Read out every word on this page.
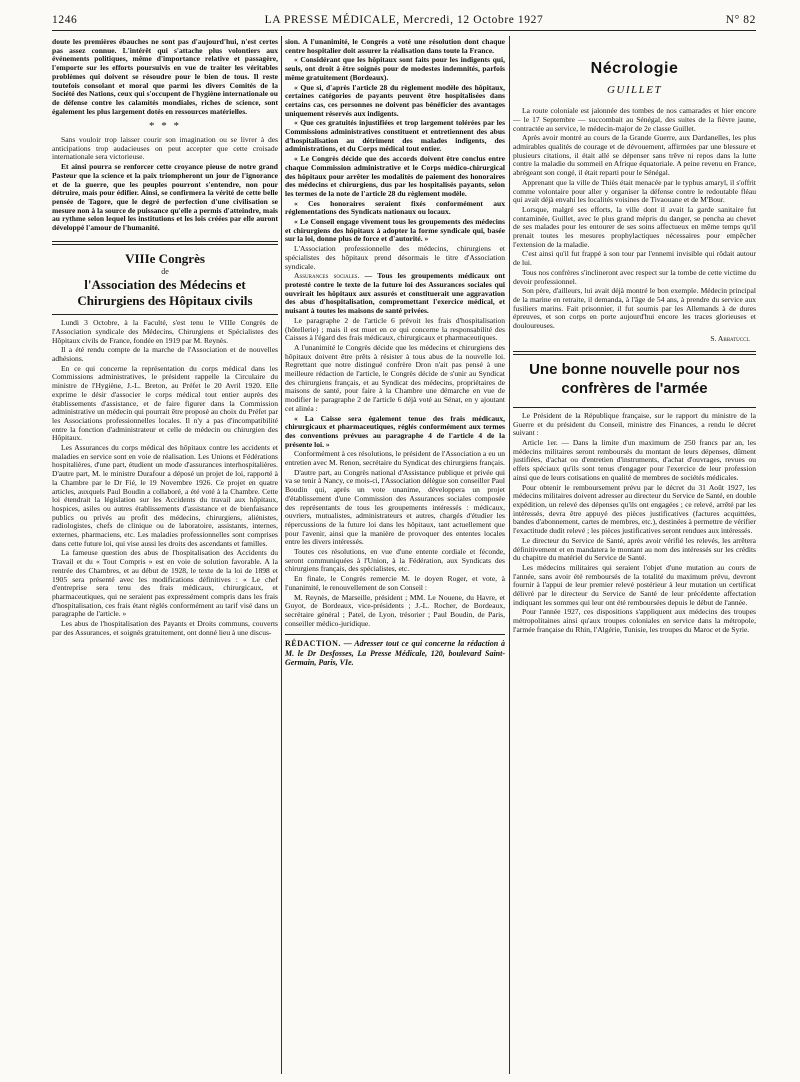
1246	LA PRESSE MÉDICALE, Mercredi, 12 Octobre 1927	N° 82

doute les premières ébauches ne sont pas d'aujourd'hui, n'est certes pas assez connue. L'intérêt qui s'attache plus volontiers aux événements politiques, même d'importance relative et passagère, l'emporte sur les efforts poursuivis en vue de traiter les véritables problèmes qui doivent se résoudre pour le bien de tous. Il reste toutefois consolant et moral que parmi les divers Comités de la Société des Nations, ceux qui s'occupent de l'hygiène internationale ou de défense contre les calamités mondiales, riches de science, sont également les plus largement dotés en ressources matérielles.

* * *

Sans vouloir trop laisser courir son imagination ou se livrer à des anticipations trop audacieuses on peut accepter que cette croisade internationale sera victorieuse.

Et ainsi pourra se renforcer cette croyance pieuse de notre grand Pasteur que la science et la paix triompheront un jour de l'ignorance et de la guerre, que les peuples pourront s'entendre, non pour détruire, mais pour édifier. Ainsi, se confirmera la vérité de cette belle pensée de Tagore, que le degré de perfection d'une civilisation se mesure non à la source de puissance qu'elle a permis d'atteindre, mais au rythme selon lequel les institutions et les lois créées par elle auront développé l'amour de l'humanité.

VIIIe Congrès
de
l'Association des Médecins et Chirurgiens des Hôpitaux civils

Lundi 3 Octobre, à la Faculté, s'est tenu le VIIIe Congrès de l'Association syndicale des Médecins, Chirurgiens et Spécialistes des Hôpitaux civils de France, fondée en 1919 par M. Reynès.

Il a été rendu compte de la marche de l'Association et de nouvelles adhésions.

En ce qui concerne la représentation du corps médical dans les Commissions administratives, le président rappelle la Circulaire du ministre de l'Hygiène, J.-L. Breton, au Préfet le 20 Avril 1920. Elle exprime le désir d'associer le corps médical tout entier auprès des établissements d'assistance, et de faire figurer dans la Commission administrative un médecin qui pourrait être proposé au choix du Préfet par les Associations professionnelles locales. Il n'y a pas d'incompatibilité entre la fonction d'administrateur et celle de médecin ou chirurgien des Hôpitaux.

Les Assurances du corps médical des hôpitaux contre les accidents et maladies en service sont en voie de réalisation. Les Unions et Fédérations hospitalières, d'une part, étudient un mode d'assurances interhospitalières. D'autre part, M. le ministre Durafour a déposé un projet de loi, rapporté à la Chambre par le Dr Fié, le 19 Novembre 1926. Ce projet en quatre articles, auxquels Paul Boudin a collaboré, a été voté à la Chambre. Cette loi étendrait la législation sur les Accidents du travail aux hôpitaux, hospices, asiles ou autres établissements d'assistance et de bienfaisance publics ou privés au profit des médecins, chirurgiens, aliénistes, radiologistes, chefs de clinique ou de laboratoire, assistants, internes, externes, pharmaciens, etc. Les maladies professionnelles sont comprises dans cette future loi, qui vise aussi les droits des ascendants et familles.

La fameuse question des abus de l'hospitalisation des Accidents du Travail et du « Tout Compris » est en voie de solution favorable. A la rentrée des Chambres, et au début de 1928, le texte de la loi de 1898 et 1905 sera présenté avec les modifications définitives : « Le chef d'entreprise sera tenu des frais médicaux, chirurgicaux, et pharmaceutiques, qui ne seraient pas expressément compris dans les frais d'hospitalisation, ces frais étant réglés conformément au tarif visé dans un paragraphe de l'article. »

Les abus de l'hospitalisation des Payants et Droits communs, couverts par des Assurances, et soignés gratuitement, ont donné lieu à une discus-

sion. A l'unanimité, le Congrès a voté une résolution dont chaque centre hospitalier doit assurer la réalisation dans toute la France.

« Considérant que les hôpitaux sont faits pour les indigents qui, seuls, ont droit à être soignés pour de modestes indemnités, parfois même gratuitement (Bordeaux).

« Que si, d'après l'article 28 du règlement modèle des hôpitaux, certaines catégories de payants peuvent être hospitalisées dans certains cas, ces personnes ne doivent pas bénéficier des avantages uniquement réservés aux indigents.

« Que ces gratuités injustifiées et trop largement tolérées par les Commissions administratives constituent et entretiennent des abus d'hospitalisation au détriment des malades indigents, des administrations, et du Corps médical tout entier.

« Le Congrès décide que des accords doivent être conclus entre chaque Commission administrative et le Corps médico-chirurgical des hôpitaux pour arrêter les modalités de paiement des honoraires des médecins et chirurgiens, dus par les hospitalisés payants, selon les termes de la note de l'article 28 du règlement modèle.

« Ces honoraires seraient fixés conformément aux réglementations des Syndicats nationaux ou locaux.

« Le Conseil engage vivement tous les groupements des médecins et chirurgiens des hôpitaux à adopter la forme syndicale qui, basée sur la loi, donne plus de force et d'autorité. »

L'Association professionnelle des médecins, chirurgiens et spécialistes des hôpitaux prend désormais le titre d'Association syndicale.

Assurances sociales. — Tous les groupements médicaux ont protesté contre le texte de la future loi des Assurances sociales qui ouvrirait les hôpitaux aux assurés et constituerait une aggravation des abus d'hospitalisation, compromettant l'exercice médical, et nuisant à toutes les maisons de santé privées.

Le paragraphe 2 de l'article 6 prévoit les frais d'hospitalisation (hôtellerie) ; mais il est muet en ce qui concerne la responsabilité des Caisses à l'égard des frais médicaux, chirurgicaux et pharmaceutiques.

A l'unanimité le Congrès décide que les médecins et chirurgiens des hôpitaux doivent être prêts à résister à tous abus de la nouvelle loi. Regrettant que notre distingué confrère Dron n'ait pas pensé à une meilleure rédaction de l'article, le Congrès décide de s'unir au Syndicat des chirurgiens français, et au Syndicat des médecins, propriétaires de maisons de santé, pour faire à la Chambre une démarche en vue de modifier le paragraphe 2 de l'article 6 déjà voté au Sénat, en y ajoutant cet alinéa :

« La Caisse sera également tenue des frais médicaux, chirurgicaux et pharmaceutiques, réglés conformément aux termes des conventions prévues au paragraphe 4 de l'article 4 de la présente loi. »

Conformément à ces résolutions, le président de l'Association a eu un entretien avec M. Renon, secrétaire du Syndicat des chirurgiens français.

D'autre part, au Congrès national d'Assistance publique et privée qui va se tenir à Nancy, ce mois-ci, l'Association délègue son conseiller Paul Boudin qui, après un vote unanime, développera un projet d'établissement d'une Commission des Assurances sociales composée des représentants de tous les groupements intéressés : médicaux, ouvriers, mutualistes, administrateurs et autres, chargés d'étudier les répercussions de la future loi dans les hôpitaux, tant actuellement que pour l'avenir, ainsi que la manière de provoquer des ententes locales entre les divers intéressés.

Toutes ces résolutions, en vue d'une entente cordiale et féconde, seront communiquées à l'Union, à la Fédération, aux Syndicats des chirurgiens français, des spécialistes, etc.

En finale, le Congrès remercie M. le doyen Roger, et vote, à l'unanimité, le renouvellement de son Conseil :

M. Reynès, de Marseille, président ; MM. Le Nouene, du Havre, et Guyot, de Bordeaux, vice-présidents ; J.-L. Rocher, de Bordeaux, secrétaire général ; Patel, de Lyon, trésorier ; Paul Boudin, de Paris, conseiller médico-juridique.

RÉDACTION. — Adresser tout ce qui concerne la rédaction à M. le Dr Desfosses, La Presse Médicale, 120, boulevard Saint-Germain, Paris, VIe.
Nécrologie
GUILLET

La route coloniale est jalonnée des tombes de nos camarades et hier encore — le 17 Septembre — succombait au Sénégal, des suites de la fièvre jaune, contractée au service, le médecin-major de 2e classe Guillet.

Après avoir montré au cours de la Grande Guerre, aux Dardanelles, les plus admirables qualités de courage et de dévouement, affirmées par une blessure et plusieurs citations, il était allé se dépenser sans trêve ni repos dans la lutte contre la maladie du sommeil en Afrique équatoriale. A peine revenu en France, abrégeant son congé, il était reparti pour le Sénégal.

Apprenant que la ville de Thiès était menacée par le typhus amaryl, il s'offrit comme volontaire pour aller y organiser la défense contre le redoutable fléau qui avait déjà envahi les localités voisines de Tivaouane et de M'Bour.

Lorsque, malgré ses efforts, la ville dont il avait la garde sanitaire fut contaminée, Guillet, avec le plus grand mépris du danger, se pencha au chevet de ses malades pour les entourer de ses soins affectueux en même temps qu'il prenait toutes les mesures prophylactiques nécessaires pour empêcher l'extension de la maladie.

C'est ainsi qu'il fut frappé à son tour par l'ennemi invisible qui rôdait autour de lui.

Tous nos confrères s'inclineront avec respect sur la tombe de cette victime du devoir professionnel.

Son père, d'ailleurs, lui avait déjà montré le bon exemple. Médecin principal de la marine en retraite, il demanda, à l'âge de 54 ans, à prendre du service aux fusiliers marins. Fait prisonnier, il fut soumis par les Allemands à de dures épreuves, et son corps en porte aujourd'hui encore les traces glorieuses et douloureuses.

S. Abbatucci.
Une bonne nouvelle pour nos confrères de l'armée

Le Président de la République française, sur le rapport du ministre de la Guerre et du président du Conseil, ministre des Finances, a rendu le décret suivant :

Article 1er. — Dans la limite d'un maximum de 250 francs par an, les médecins militaires seront remboursés du montant de leurs dépenses, dûment justifiées, d'achat ou d'entretien d'instruments, d'achat d'ouvrages, revues ou effets spéciaux qu'ils sont tenus d'engager pour l'exercice de leur profession ainsi que de leurs cotisations en qualité de membres de sociétés médicales.

Pour obtenir le remboursement prévu par le décret du 31 Août 1927, les médecins militaires doivent adresser au directeur du Service de Santé, en double expédition, un relevé des dépenses qu'ils ont engagées ; ce relevé, arrêté par les intéressés, devra être appuyé des pièces justificatives (factures acquittées, bandes d'abonnement, cartes de membres, etc.), destinées à permettre de vérifier l'exactitude dudit relevé ; les pièces justificatives seront rendues aux intéressés.

Le directeur du Service de Santé, après avoir vérifié les relevés, les arrêtera définitivement et en mandatera le montant au nom des intéressés sur les crédits du chapitre du matériel du Service de Santé.

Les médecins militaires qui seraient l'objet d'une mutation au cours de l'année, sans avoir été remboursés de la totalité du maximum prévu, devront fournir à l'appui de leur premier relevé postérieur à leur mutation un certificat délivré par le directeur du Service de Santé de leur précédente affectation indiquant les sommes qui leur ont été remboursées depuis le début de l'année.

Pour l'année 1927, ces dispositions s'appliquent aux médecins des troupes métropolitaines ainsi qu'aux troupes coloniales en service dans la métropole, l'armée française du Rhin, l'Algérie, Tunisie, les troupes du Maroc et de Syrie.
